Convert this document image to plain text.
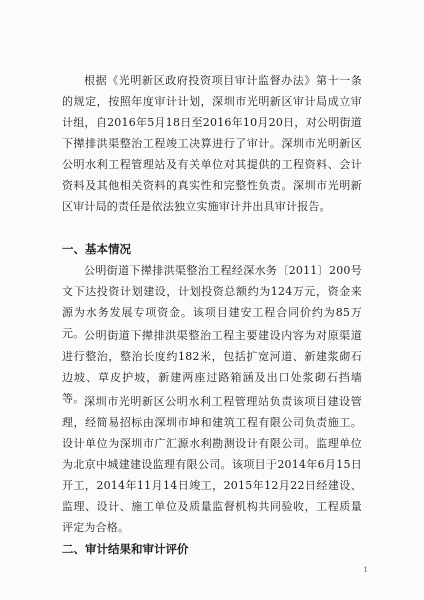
根据《光明新区政府投资项目审计监督办法》第十一条的规定，按照年度审计计划，深圳市光明新区审计局成立审计组，自2016年5月18日至2016年10月20日，对公明街道下撵排洪渠整治工程竣工决算进行了审计。深圳市光明新区公明水利工程管理站及有关单位对其提供的工程资料、会计资料及其他相关资料的真实性和完整性负责。深圳市光明新区审计局的责任是依法独立实施审计并出具审计报告。

一、基本情况

公明街道下撵排洪渠整治工程经深水务〔2011〕200号文下达投资计划建设，计划投资总额约为124万元，资金来源为水务发展专项资金。该项目建安工程合同价约为85万元。 公明街道下撵排洪渠整治工程主要建设内容为对原渠道进行整治，整治长度约182米，包括扩宽河道、新建浆砌石边坡、草皮护坡，新建两座过路箱涵及出口处浆砌石挡墙等。 深圳市光明新区公明水利工程管理站负责该项目建设管理，经简易招标由深圳市坤和建筑工程有限公司负责施工。设计单位为深圳市广汇源水利勘测设计有限公司。监理单位为北京中城建建设监理有限公司。该项目于2014年6月15日开工，2014年11月14日竣工，2015年12月22日经建设、监理、设计、施工单位及质量监督机构共同验收，工程质量评定为合格。

二、审计结果和审计评价

1
